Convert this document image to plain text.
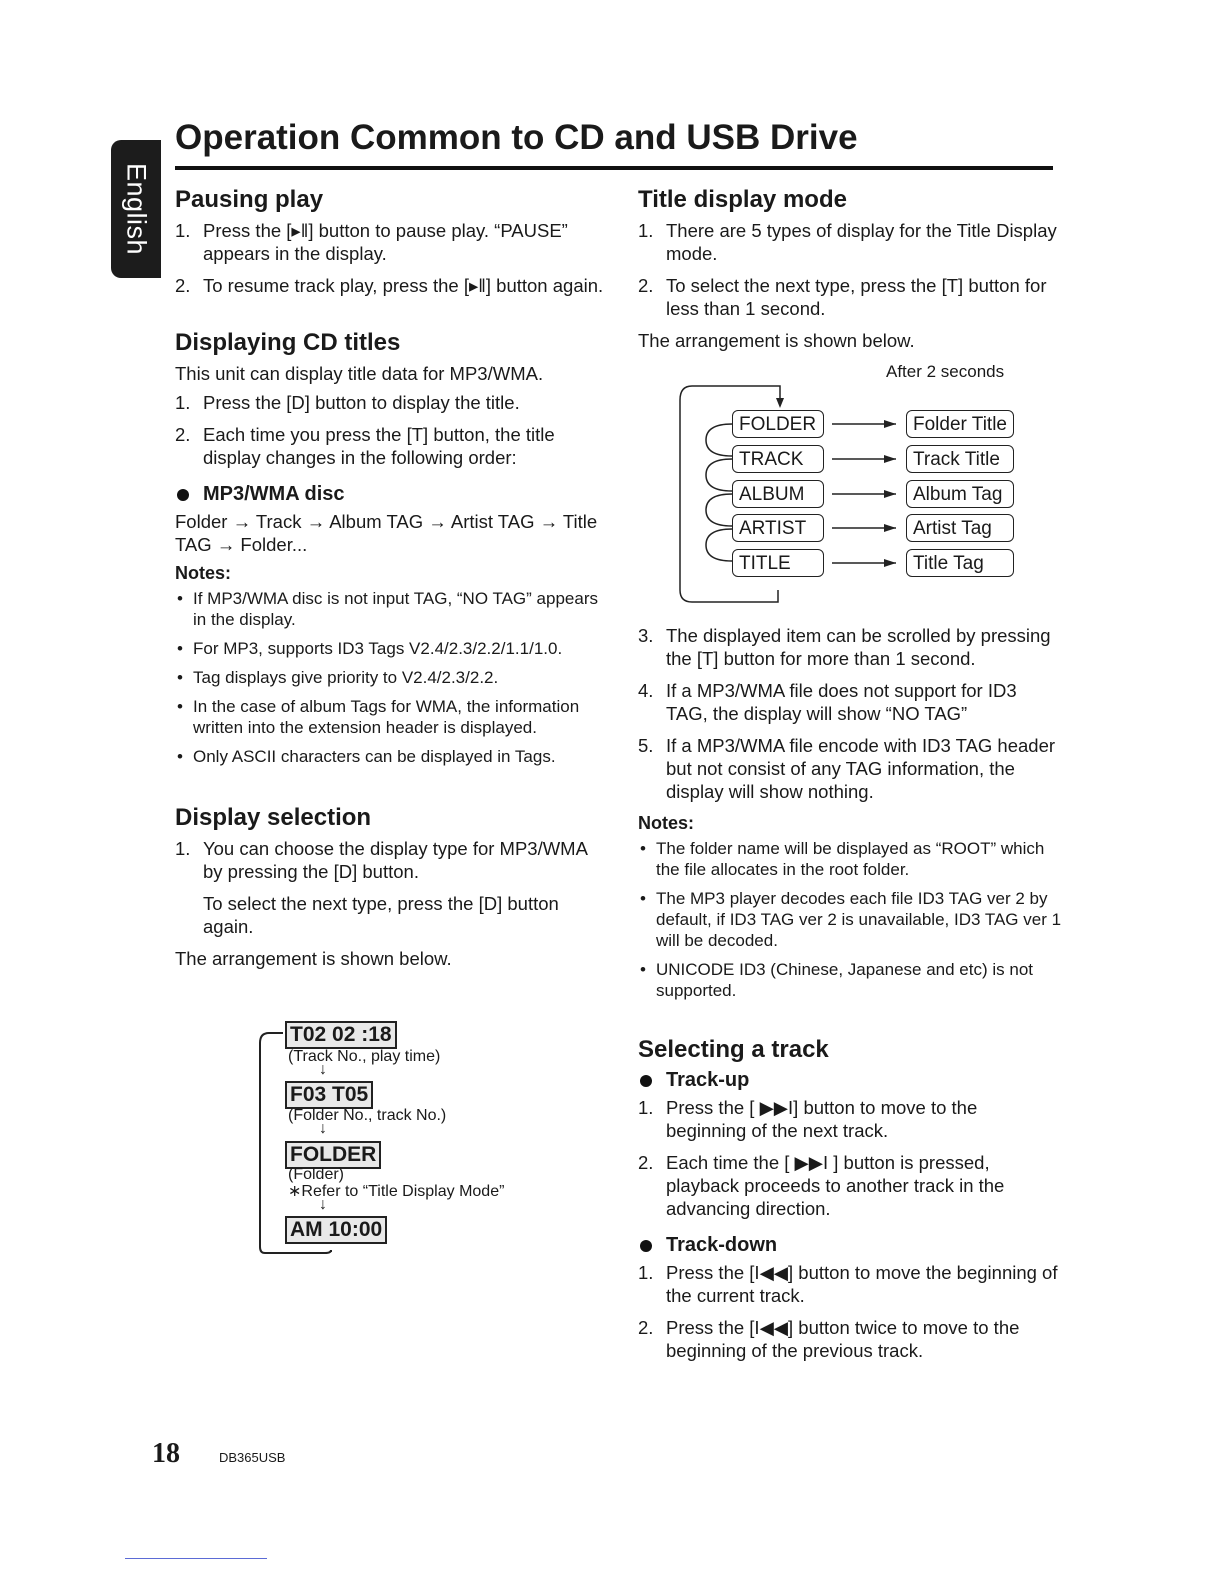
English
Operation Common to CD and USB Drive
Pausing play
1. Press the [▸‖] button to pause play. “PAUSE” appears in the display.
2. To resume track play, press the [▸‖] button again.
Displaying CD titles

This unit can display title data for MP3/WMA.

1. Press the [D] button to display the title.
2. Each time you press the [T] button, the title display changes in the following order:
MP3/WMA disc

Folder → Track → Album TAG → Artist TAG → Title TAG → Folder...

Notes:
• If MP3/WMA disc is not input TAG, “NO TAG” appears in the display.
• For MP3, supports ID3 Tags V2.4/2.3/2.2/1.1/1.0.
• Tag displays give priority to V2.4/2.3/2.2.
• In the case of album Tags for WMA, the information written into the extension header is displayed.
• Only ASCII characters can be displayed in Tags.
Display selection
1. You can choose the display type for MP3/WMA by pressing the [D] button.
To select the next type, press the [D] button again.

The arrangement is shown below.

T02 02 :18
(Track No., play time)
↓
F03 T05
(Folder No., track No.)
↓
FOLDER
(Folder)
∗Refer to “Title Display Mode”
↓
AM 10:00
Title display mode
1. There are 5 types of display for the Title Display mode.
2. To select the next type, press the [T] button for less than 1 second.

The arrangement is shown below.

After 2 seconds
FOLDER	Folder Title
TRACK	Track Title
ALBUM	Album Tag
ARTIST	Artist Tag
TITLE	Title Tag
3. The displayed item can be scrolled by pressing the [T] button for more than 1 second.
4. If a MP3/WMA file does not support for ID3 TAG, the display will show “NO TAG”
5. If a MP3/WMA file encode with ID3 TAG header but not consist of any TAG information, the display will show nothing.
Notes:
• The folder name will be displayed as “ROOT” which the file allocates in the root folder.
• The MP3 player decodes each file ID3 TAG ver 2 by default, if ID3 TAG ver 2 is unavailable, ID3 TAG ver 1 will be decoded.
• UNICODE ID3 (Chinese, Japanese and etc) is not supported.
Selecting a track
Track-up
1. Press the [ ▶▶I] button to move to the beginning of the next track.
2. Each time the [ ▶▶I ] button is pressed, playback proceeds to another track in the advancing direction.
Track-down
1. Press the [I◀◀] button to move the beginning of the current track.
2. Press the [I◀◀] button twice to move to the beginning of the previous track.
18	DB365USB
